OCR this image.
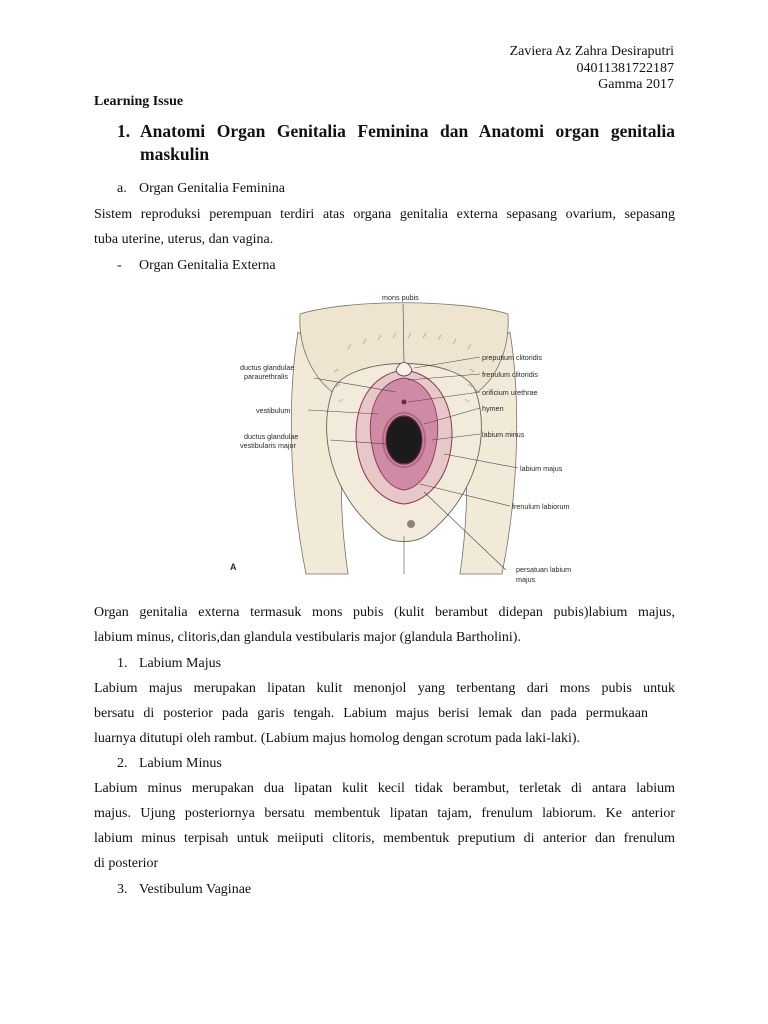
Zaviera Az Zahra Desiraputri
04011381722187
Gamma 2017
Learning Issue
1. Anatomi Organ Genitalia Feminina dan Anatomi organ genitalia
maskulin
a. Organ Genitalia Feminina
Sistem reproduksi perempuan terdiri atas organa genitalia externa sepasang ovarium, sepasang
tuba uterine, uterus, dan vagina.
- Organ Genitalia Externa
mons pubis
ductus glandulae
paraurethralis
vestibulum
ductus glandulae
vestibularis major
preputium clitoridis
frenulum clitoridis
orificium urethrae
hymen
labium minus
labium majus
frenulum labiorum
persatuan labium
majus
A
Organ genitalia externa termasuk mons pubis (kulit berambut didepan pubis)labium majus,
labium minus, clitoris,dan glandula vestibularis major (glandula Bartholini).
1. Labium Majus
Labium majus merupakan lipatan kulit menonjol yang terbentang dari mons pubis untuk
bersatu di posterior pada garis tengah. Labium majus berisi lemak dan pada permukaan
luarnya ditutupi oleh rambut. (Labium majus homolog dengan scrotum pada laki-laki).
2. Labium Minus
Labium minus merupakan dua lipatan kulit kecil tidak berambut, terletak di antara labium
majus. Ujung posteriornya bersatu membentuk lipatan tajam, frenulum labiorum. Ke anterior
labium minus terpisah untuk meiiputi clitoris, membentuk preputium di anterior dan frenulum
di posterior
3. Vestibulum Vaginae
